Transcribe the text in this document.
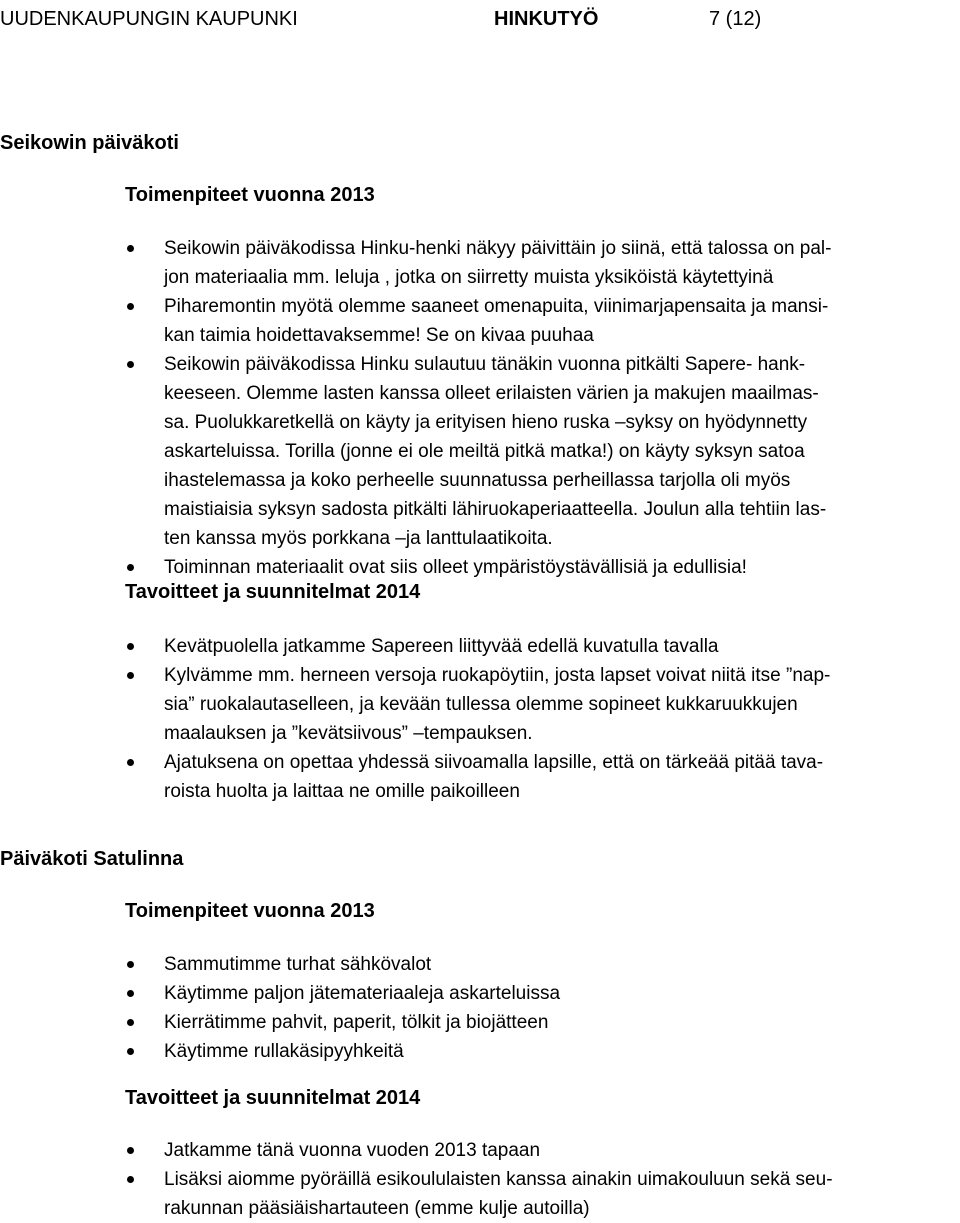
UUDENKAUPUNGIN KAUPUNKI	HINKUTYÖ	7 (12)
Seikowin päiväkoti
Toimenpiteet vuonna 2013
Seikowin päiväkodissa Hinku-henki näkyy päivittäin jo siinä, että talossa on pal-
jon materiaalia mm. leluja , jotka on siirretty muista yksiköistä käytettyinä
Piharemontin myötä olemme saaneet omenapuita, viinimarjapensaita ja mansi-
kan taimia hoidettavaksemme! Se on kivaa puuhaa
Seikowin päiväkodissa Hinku sulautuu tänäkin vuonna pitkälti Sapere- hank-
keeseen. Olemme lasten kanssa olleet erilaisten värien ja makujen maailmas-
sa. Puolukkaretkellä on käyty ja erityisen hieno ruska –syksy on hyödynnetty
askarteluissa. Torilla (jonne ei ole meiltä pitkä matka!) on käyty syksyn satoa
ihastelemassa ja koko perheelle suunnatussa perheillassa tarjolla oli myös
maistiaisia syksyn sadosta pitkälti lähiruokaperiaatteella. Joulun alla tehtiin las-
ten kanssa myös porkkana –ja lanttulaatikoita.
Toiminnan materiaalit ovat siis olleet ympäristöystävällisiä ja edullisia!
Tavoitteet ja suunnitelmat 2014
Kevätpuolella jatkamme Sapereen liittyvää edellä kuvatulla tavalla
Kylvämme mm. herneen versoja ruokapöytiin, josta lapset voivat niitä itse ”nap-
sia” ruokalautaselleen, ja kevään tullessa olemme sopineet kukkaruukkujen
maalauksen ja ”kevätsiivous” –tempauksen.
Ajatuksena on opettaa yhdessä siivoamalla lapsille, että on tärkeää pitää tava-
roista huolta ja laittaa ne omille paikoilleen
Päiväkoti Satulinna
Toimenpiteet vuonna 2013
Sammutimme turhat sähkövalot
Käytimme paljon jätemateriaaleja askarteluissa
Kierrätimme pahvit, paperit, tölkit ja biojätteen
Käytimme rullakäsipyyhkeitä
Tavoitteet ja suunnitelmat 2014
Jatkamme tänä vuonna vuoden 2013 tapaan
Lisäksi aiomme pyöräillä esikoululaisten kanssa ainakin uimakouluun sekä seu-
rakunnan pääsiäishartauteen (emme kulje autoilla)
